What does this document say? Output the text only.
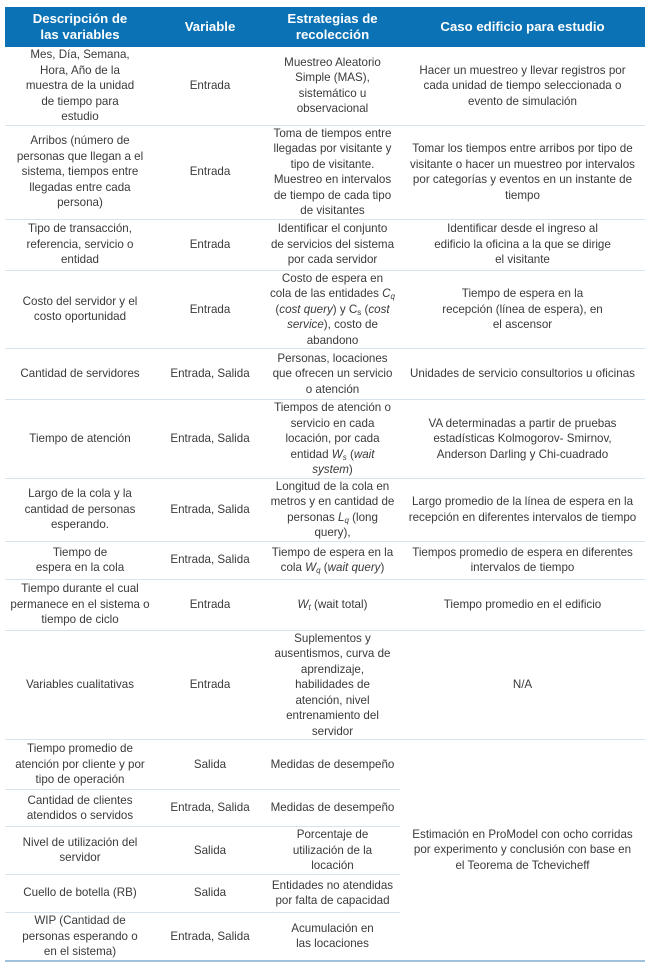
Descripción de las variables	Variable	Estrategias de recolección	Caso edificio para estudio
Mes, Día, Semana, Hora, Año de la muestra de la unidad de tiempo para estudio	Entrada	Muestreo Aleatorio Simple (MAS), sistemático u observacional	Hacer un muestreo y llevar registros por cada unidad de tiempo seleccionada o evento de simulación
Arribos (número de personas que llegan a el sistema, tiempos entre llegadas entre cada persona)	Entrada	Toma de tiempos entre llegadas por visitante y tipo de visitante. Muestreo en intervalos de tiempo de cada tipo de visitantes	Tomar los tiempos entre arribos por tipo de visitante o hacer un muestreo por intervalos por categorías y eventos en un instante de tiempo
Tipo de transacción, referencia, servicio o entidad	Entrada	Identificar el conjunto de servicios del sistema por cada servidor	Identificar desde el ingreso al edificio la oficina a la que se dirige el visitante
Costo del servidor y el costo oportunidad	Entrada	Costo de espera en cola de las entidades $C_q$ (cost query) y $C_s$ (cost service), costo de abandono	Tiempo de espera en la recepción (línea de espera), en el ascensor
Cantidad de servidores	Entrada, Salida	Personas, locaciones que ofrecen un servicio o atención	Unidades de servicio consultorios u oficinas
Tiempo de atención	Entrada, Salida	Tiempos de atención o servicio en cada locación, por cada entidad $W_s$ (wait system)	VA determinadas a partir de pruebas estadísticas Kolmogorov- Smirnov, Anderson Darling y Chi-cuadrado
Largo de la cola y la cantidad de personas esperando.	Entrada, Salida	Longitud de la cola en metros y en cantidad de personas $L_q$ (long query),	Largo promedio de la línea de espera en la recepción en diferentes intervalos de tiempo
Tiempo de espera en la cola	Entrada, Salida	Tiempo de espera en la cola $W_q$ (wait query)	Tiempos promedio de espera en diferentes intervalos de tiempo
Tiempo durante el cual permanece en el sistema o tiempo de ciclo	Entrada	$W_t$ (wait total)	Tiempo promedio en el edificio
Variables cualitativas	Entrada	Suplementos y ausentismos, curva de aprendizaje, habilidades de atención, nivel entrenamiento del servidor	N/A
Tiempo promedio de atención por cliente y por tipo de operación	Salida	Medidas de desempeño	Estimación en ProModel con ocho corridas por experimento y conclusión con base en el Teorema de Tchevicheff
Cantidad de clientes atendidos o servidos	Entrada, Salida	Medidas de desempeño	
Nivel de utilización del servidor	Salida	Porcentaje de utilización de la locación	
Cuello de botella (RB)	Salida	Entidades no atendidas por falta de capacidad	
WIP (Cantidad de personas esperando o en el sistema)	Entrada, Salida	Acumulación en las locaciones	
